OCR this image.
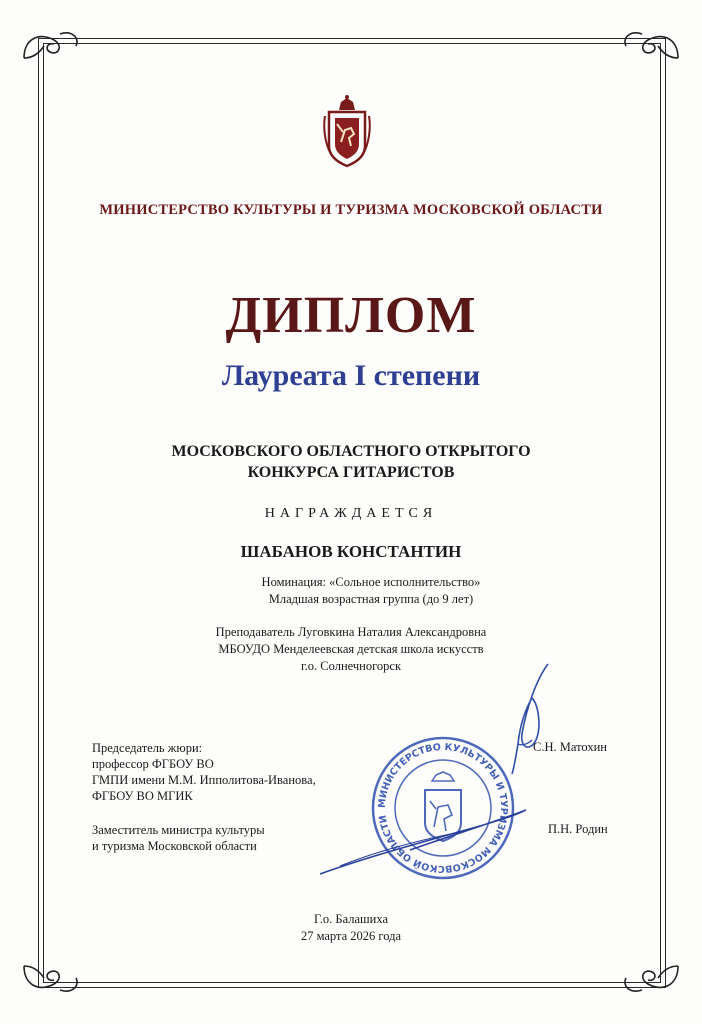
МИНИСТЕРСТВО КУЛЬТУРЫ И ТУРИЗМА МОСКОВСКОЙ ОБЛАСТИ
ДИПЛОМ
Лауреата I степени
МОСКОВСКОГО ОБЛАСТНОГО ОТКРЫТОГО
КОНКУРСА ГИТАРИСТОВ
НАГРАЖДАЕТСЯ
ШАБАНОВ КОНСТАНТИН
Номинация: «Сольное исполнительство»
Младшая возрастная группа (до 9 лет)
Преподаватель Луговкина Наталия Александровна
МБОУДО Менделеевская детская школа искусств
г.о. Солнечногорск
Председатель жюри:
профессор ФГБОУ ВО
ГМПИ имени М.М. Ипполитова-Иванова,
ФГБОУ ВО МГИК
С.Н. Матохин
Заместитель министра культуры
и туризма Московской области
П.Н. Родин
МИНИСТЕРСТВО КУЛЬТУРЫ И ТУРИЗМА МОСКОВСКОЙ ОБЛАСТИ
Г.о. Балашиха
27 марта 2026 года
